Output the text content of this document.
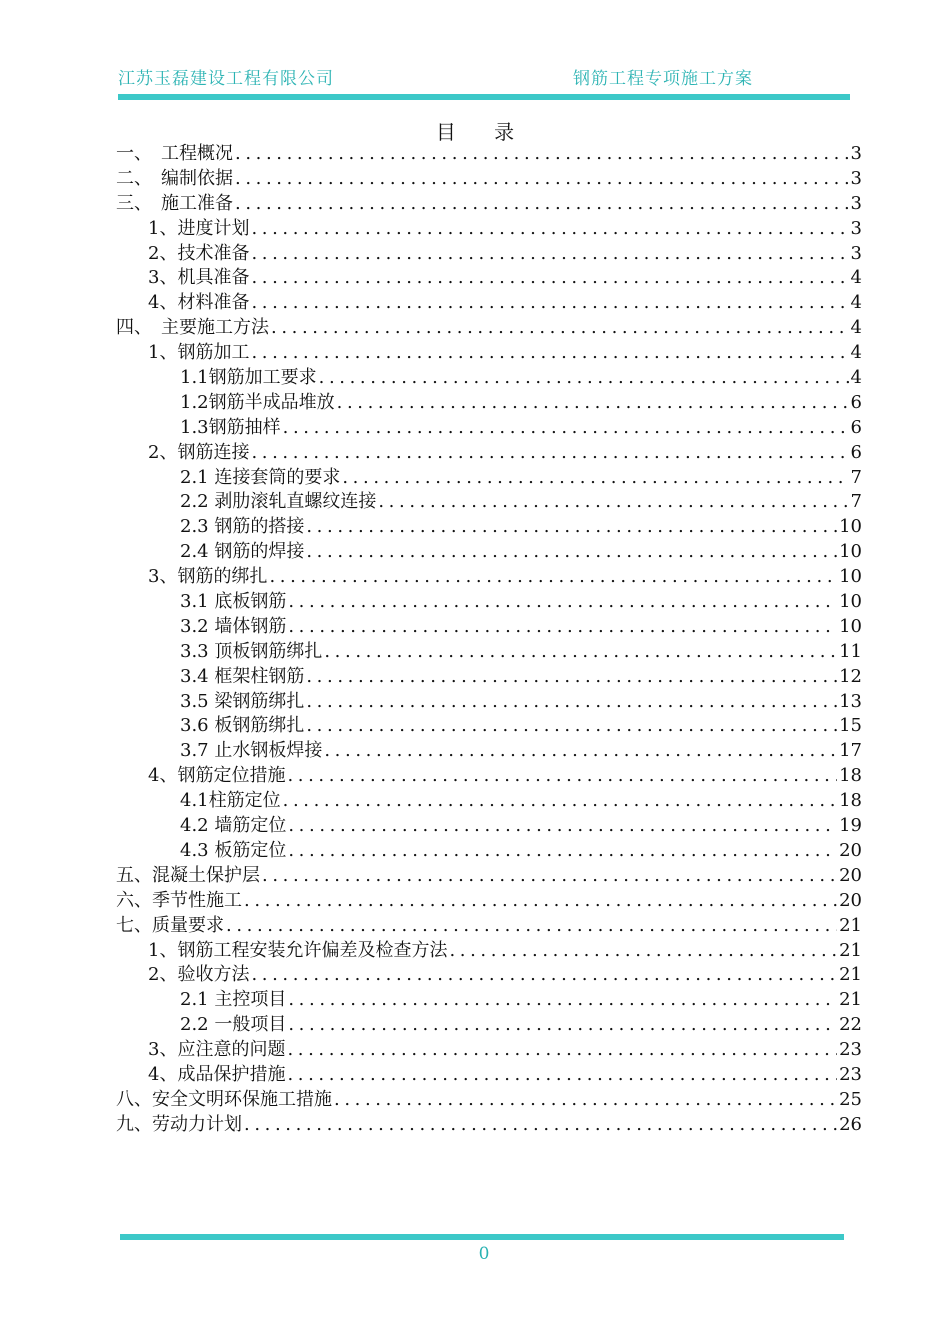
江苏玉磊建设工程有限公司	钢筋工程专项施工方案
目 录
一、　工程概况 .....	3
二、　编制依据 .....	3
三、　施工准备 .....	3
1、进度计划 .....	3
2、技术准备 .....	3
3、机具准备 .....	4
4、材料准备 .....	4
四、　主要施工方法 .....	4
1、钢筋加工 .....	4
1.1钢筋加工要求 .....	4
1.2钢筋半成品堆放 .....	6
1.3钢筋抽样 .....	6
2、钢筋连接 .....	6
2.1 连接套筒的要求 .....	7
2.2 剥肋滚轧直螺纹连接 .....	7
2.3 钢筋的搭接 .....	10
2.4 钢筋的焊接 .....	10
3、钢筋的绑扎 .....	10
3.1 底板钢筋 .....	10
3.2 墙体钢筋 .....	10
3.3 顶板钢筋绑扎 .....	11
3.4 框架柱钢筋 .....	12
3.5 梁钢筋绑扎 .....	13
3.6 板钢筋绑扎 .....	15
3.7 止水钢板焊接 .....	17
4、钢筋定位措施 .....	18
4.1柱筋定位 .....	18
4.2 墙筋定位 .....	19
4.3 板筋定位 .....	20
五、混凝土保护层 .....	20
六、季节性施工 .....	20
七、质量要求 .....	21
1、钢筋工程安装允许偏差及检查方法 .....	21
2、验收方法 .....	21
2.1 主控项目 .....	21
2.2 一般项目 .....	22
3、应注意的问题 .....	23
4、成品保护措施 .....	23
八、安全文明环保施工措施 .....	25
九、劳动力计划 .....	26
0
